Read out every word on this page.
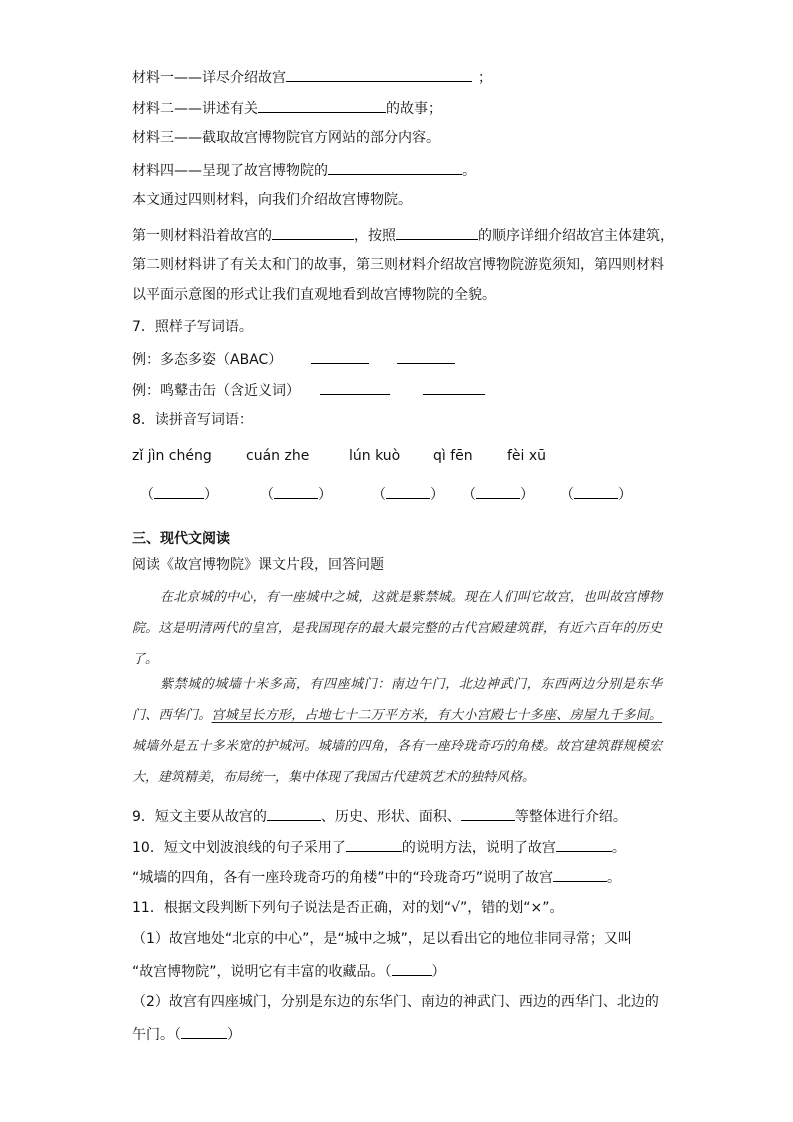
材料一——详尽介绍故宫	；
材料二——讲述有关	的故事；
材料三——截取故宫博物院官方网站的部分内容。
材料四——呈现了故宫博物院的	。
本文通过四则材料，向我们介绍故宫博物院。
第一则材料沿着故宫的	，按照	的顺序详细介绍故宫主体建筑，
第二则材料讲了有关太和门的故事，第三则材料介绍故宫博物院游览须知，第四则材料
以平面示意图的形式让我们直观地看到故宫博物院的全貌。
7．照样子写词语。
例：多态多姿（ABAC）
例：鸣鼙击缶（含近义词）
8．读拼音写词语：
zǐ jìn chéng cuán zhe	lún kuò qì fēn fèi xū
（	）	（	）	（	） （	） （	）
三、现代文阅读
阅读《故宫博物院》课文片段，回答问题

在北京城的中心，有一座城中之城，这就是紫禁城。现在人们叫它故宫，也叫故宫博物院。这是明清两代的皇宫，是我国现存的最大最完整的古代宫殿建筑群，有近六百年的历史了。

紫禁城的城墙十米多高，有四座城门：南边午门，北边神武门，东西两边分别是东华门、西华门。宫城呈长方形，占地七十二万平方米，有大小宫殿七十多座、房屋九千多间。城墙外是五十多米宽的护城河。城墙的四角，各有一座玲珑奇巧的角楼。故宫建筑群规模宏大，建筑精美，布局统一，集中体现了我国古代建筑艺术的独特风格。

9．短文主要从故宫的	、历史、形状、面积、	等整体进行介绍。
10．短文中划波浪线的句子采用了	的说明方法，说明了故宫	。
“城墙的四角，各有一座玲珑奇巧的角楼”中的“玲珑奇巧”说明了故宫	。
11．根据文段判断下列句子说法是否正确，对的划“√”，错的划“×”。
（1）故宫地处“北京的中心”，是“城中之城”，足以看出它的地位非同寻常；又叫
“故宫博物院”，说明它有丰富的收藏品。（	）
（2）故宫有四座城门，分别是东边的东华门、南边的神武门、西边的西华门、北边的
午门。（	）
